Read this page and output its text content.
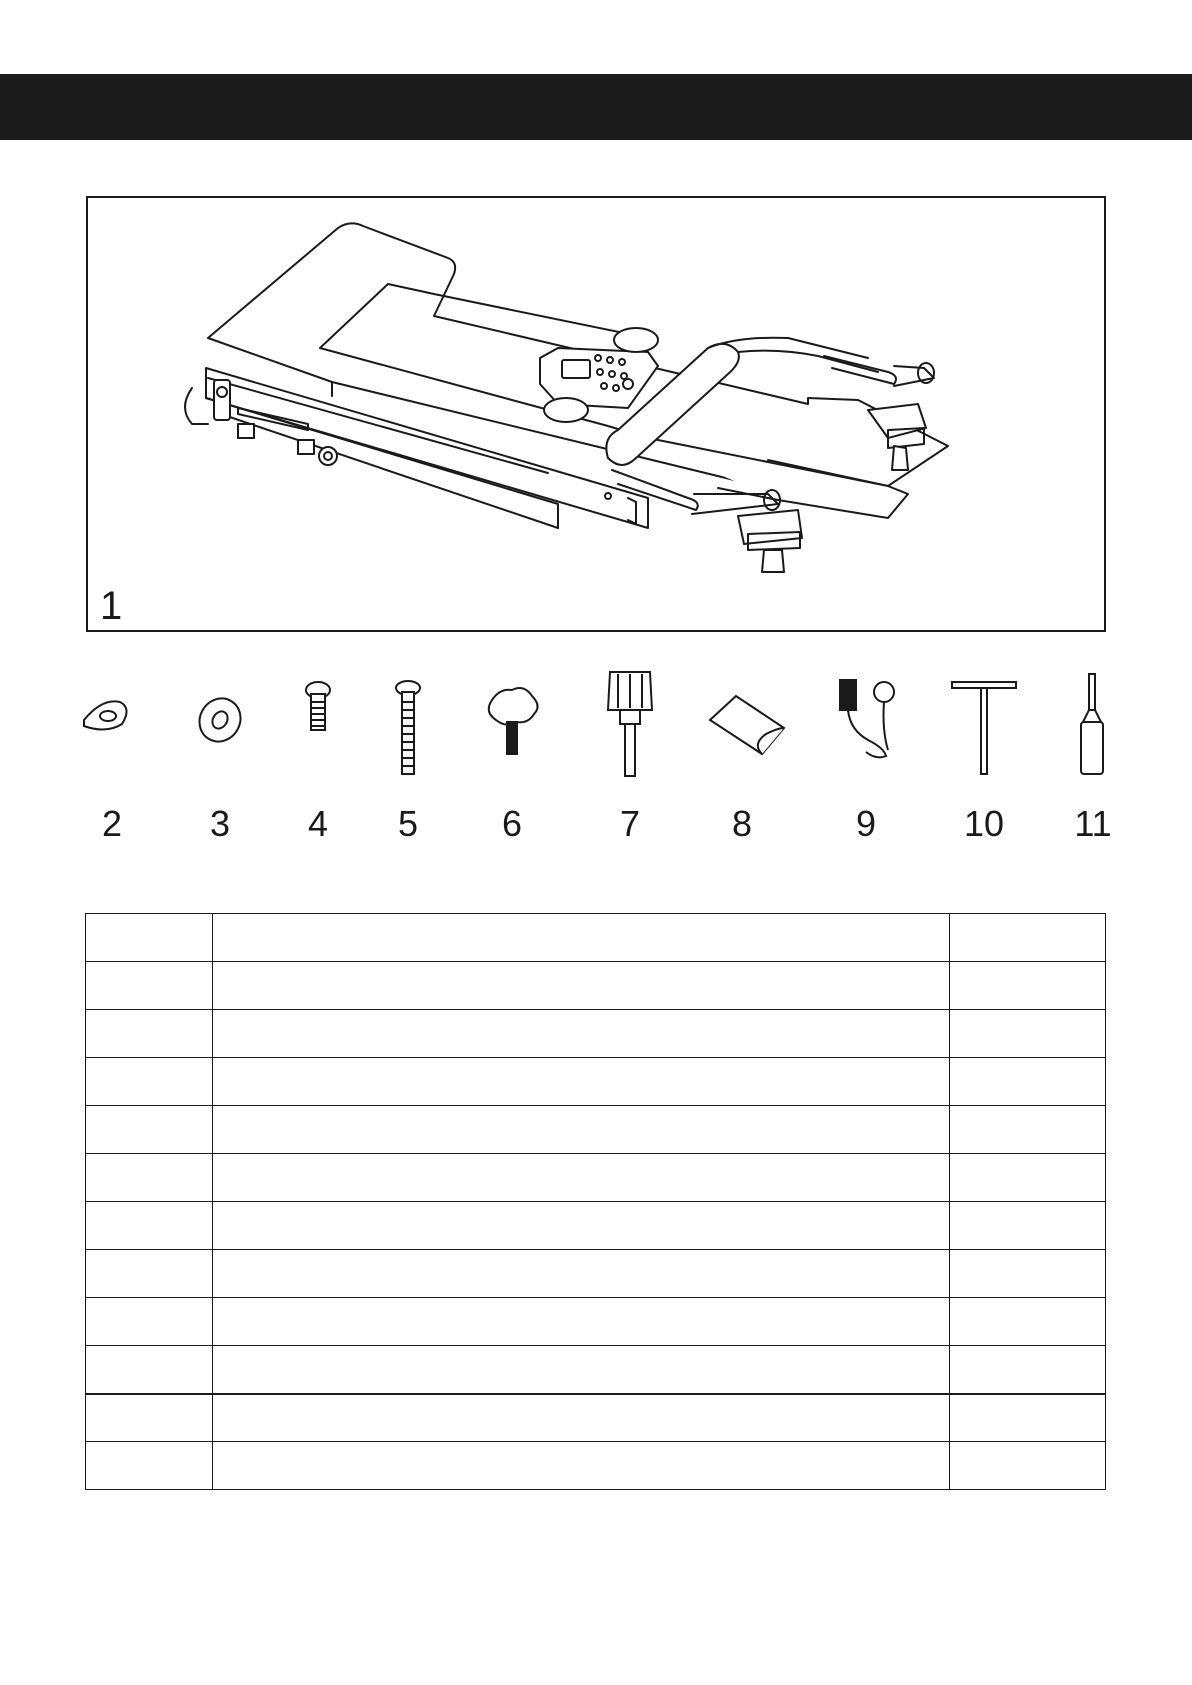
1
2	3	4	5	6	7	8	9	10	11
